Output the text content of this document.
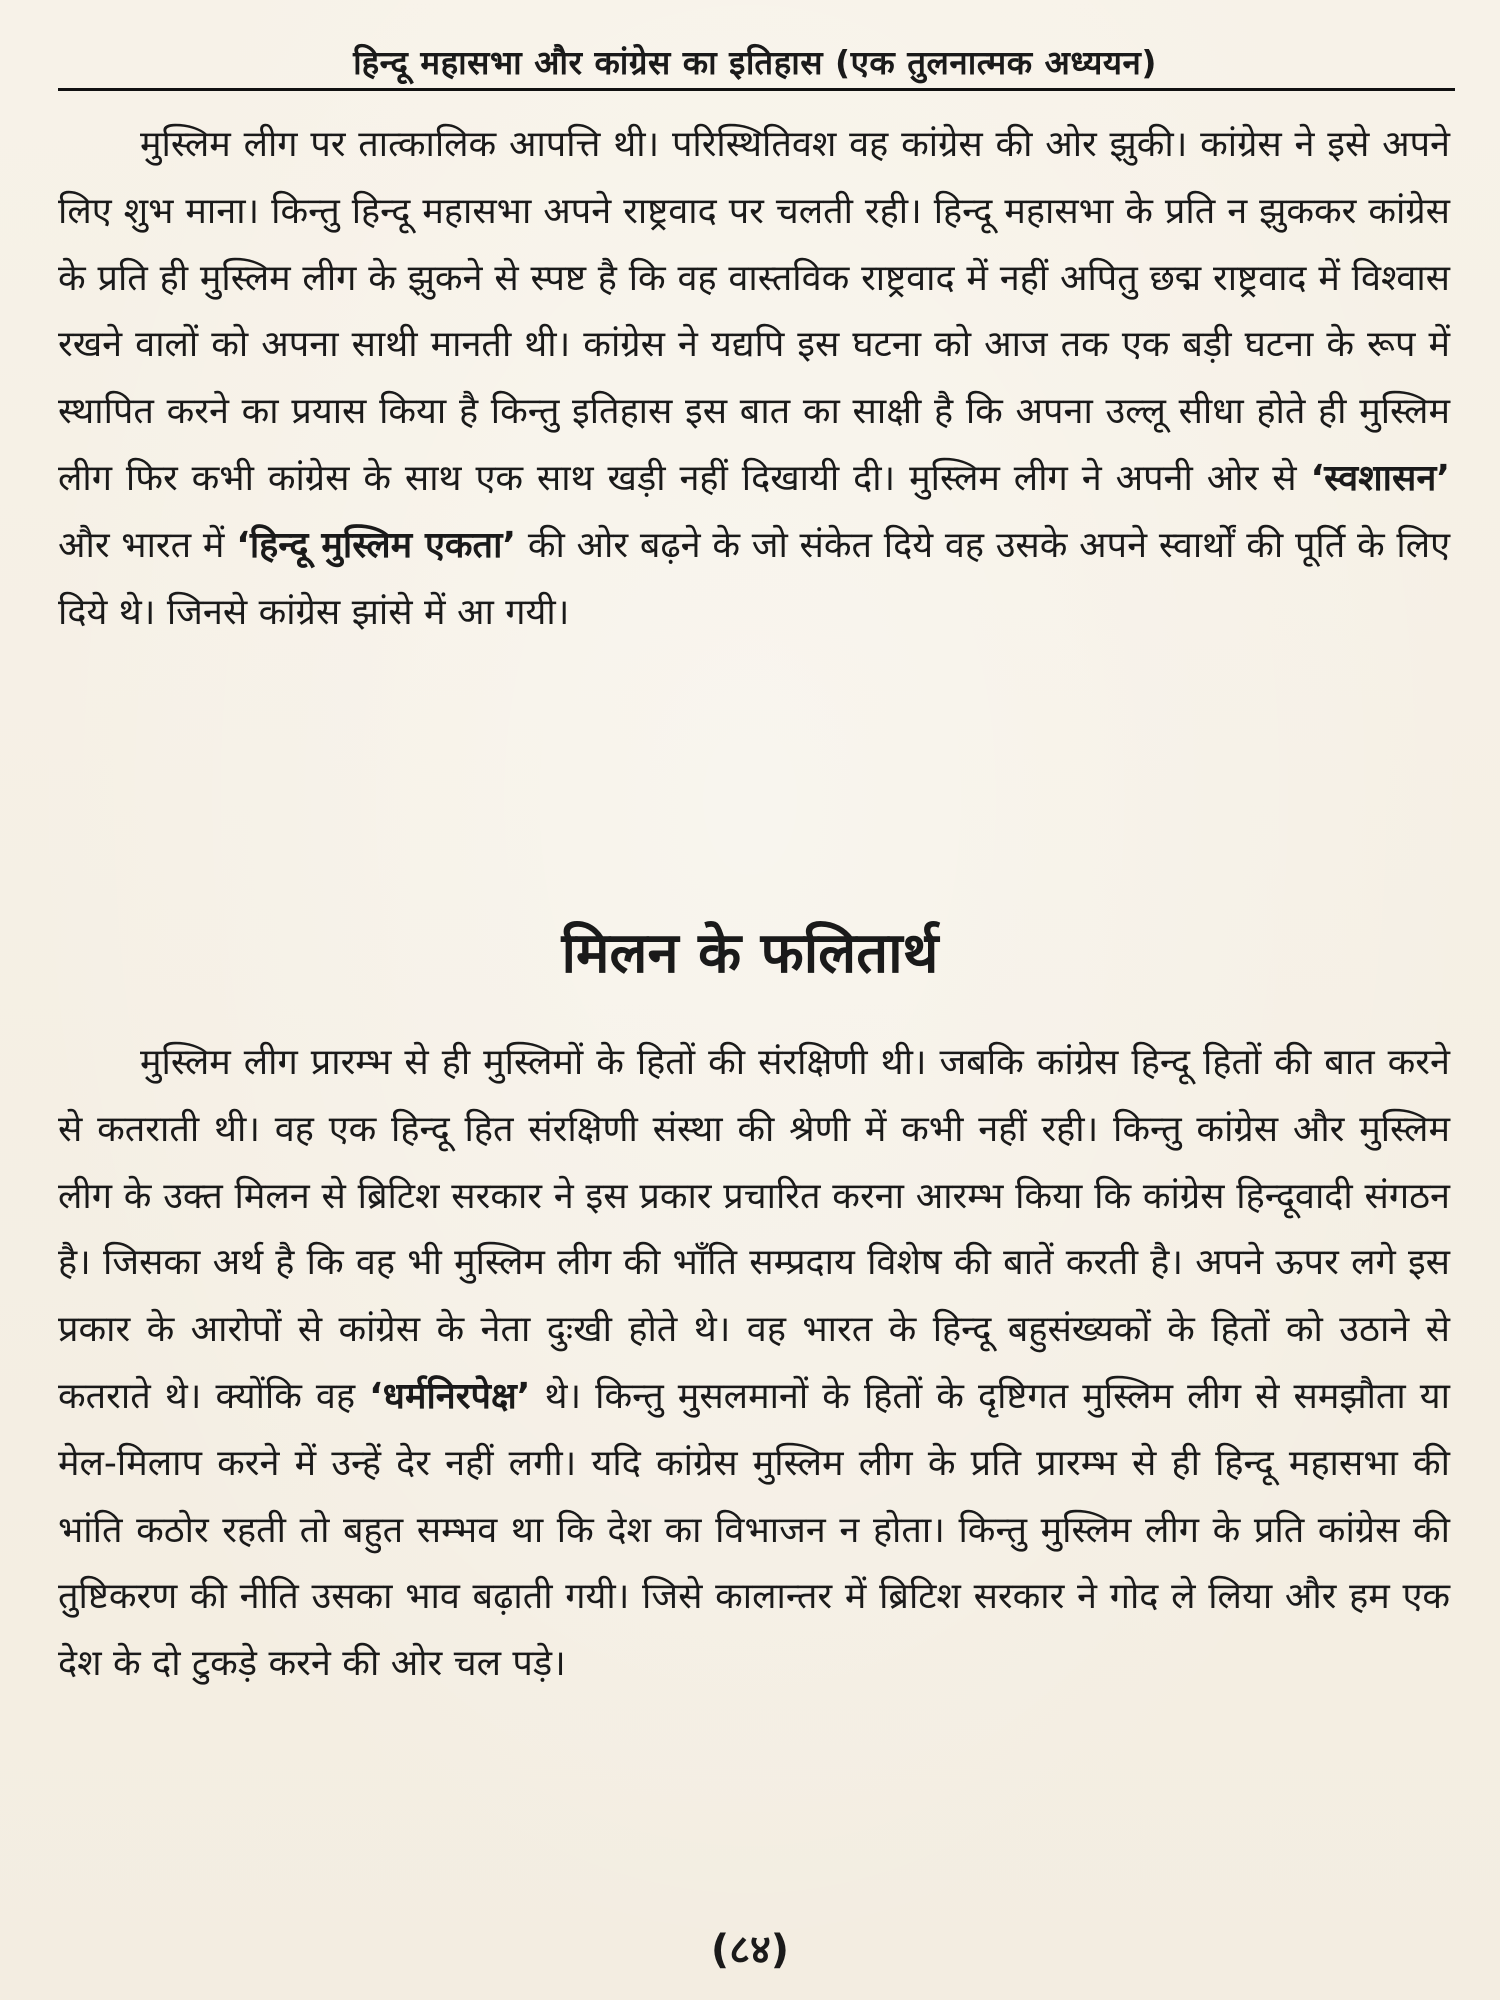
हिन्दू महासभा और कांग्रेस का इतिहास (एक तुलनात्मक अध्ययन)

मुस्लिम लीग पर तात्कालिक आपत्ति थी। परिस्थितिवश वह कांग्रेस की ओर झुकी। कांग्रेस ने इसे अपने लिए शुभ माना। किन्तु हिन्दू महासभा अपने राष्ट्रवाद पर चलती रही। हिन्दू महासभा के प्रति न झुककर कांग्रेस के प्रति ही मुस्लिम लीग के झुकने से स्पष्ट है कि वह वास्तविक राष्ट्रवाद में नहीं अपितु छद्म राष्ट्रवाद में विश्वास रखने वालों को अपना साथी मानती थी। कांग्रेस ने यद्यपि इस घटना को आज तक एक बड़ी घटना के रूप में स्थापित करने का प्रयास किया है किन्तु इतिहास इस बात का साक्षी है कि अपना उल्लू सीधा होते ही मुस्लिम लीग फिर कभी कांग्रेस के साथ एक साथ खड़ी नहीं दिखायी दी। मुस्लिम लीग ने अपनी ओर से ‘स्वशासन’ और भारत में ‘हिन्दू मुस्लिम एकता’ की ओर बढ़ने के जो संकेत दिये वह उसके अपने स्वार्थों की पूर्ति के लिए दिये थे। जिनसे कांग्रेस झांसे में आ गयी।

मिलन के फलितार्थ

मुस्लिम लीग प्रारम्भ से ही मुस्लिमों के हितों की संरक्षिणी थी। जबकि कांग्रेस हिन्दू हितों की बात करने से कतराती थी। वह एक हिन्दू हित संरक्षिणी संस्था की श्रेणी में कभी नहीं रही। किन्तु कांग्रेस और मुस्लिम लीग के उक्त मिलन से ब्रिटिश सरकार ने इस प्रकार प्रचारित करना आरम्भ किया कि कांग्रेस हिन्दूवादी संगठन है। जिसका अर्थ है कि वह भी मुस्लिम लीग की भाँति सम्प्रदाय विशेष की बातें करती है। अपने ऊपर लगे इस प्रकार के आरोपों से कांग्रेस के नेता दुःखी होते थे। वह भारत के हिन्दू बहुसंख्यकों के हितों को उठाने से कतराते थे। क्योंकि वह ‘धर्मनिरपेक्ष’ थे। किन्तु मुसलमानों के हितों के दृष्टिगत मुस्लिम लीग से समझौता या मेल-मिलाप करने में उन्हें देर नहीं लगी। यदि कांग्रेस मुस्लिम लीग के प्रति प्रारम्भ से ही हिन्दू महासभा की भांति कठोर रहती तो बहुत सम्भव था कि देश का विभाजन न होता। किन्तु मुस्लिम लीग के प्रति कांग्रेस की तुष्टिकरण की नीति उसका भाव बढ़ाती गयी। जिसे कालान्तर में ब्रिटिश सरकार ने गोद ले लिया और हम एक देश के दो टुकड़े करने की ओर चल पड़े।

(८४)
